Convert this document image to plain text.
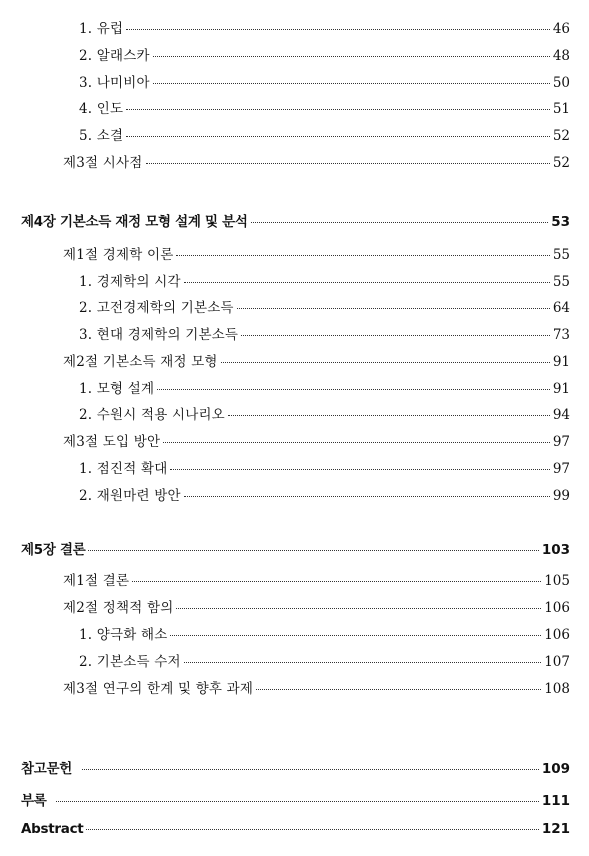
1. 유럽	46
2. 알래스카	48
3. 나미비아	50
4. 인도	51
5. 소결	52
제3절 시사점	52
제4장 기본소득 재정 모형 설계 및 분석	53
제1절 경제학 이론	55
1. 경제학의 시각	55
2. 고전경제학의 기본소득	64
3. 현대 경제학의 기본소득	73
제2절 기본소득 재정 모형	91
1. 모형 설계	91
2. 수원시 적용 시나리오	94
제3절 도입 방안	97
1. 점진적 확대	97
2. 재원마련 방안	99
제5장 결론	103
제1절 결론	105
제2절 정책적 함의	106
1. 양극화 해소	106
2. 기본소득 수저	107
제3절 연구의 한계 및 향후 과제	108
참고문헌	109
부록	111
Abstract	121
